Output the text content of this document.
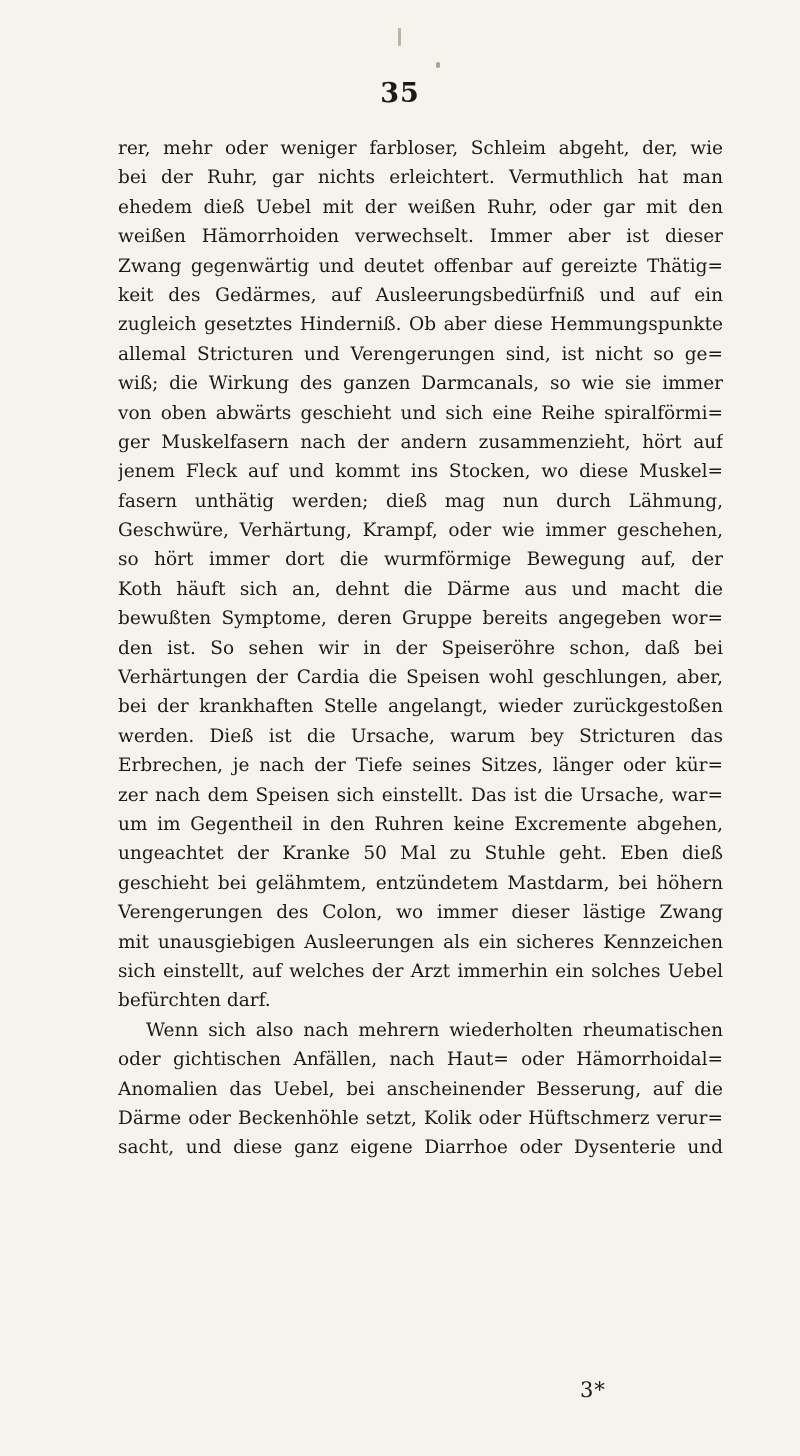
35
rer, mehr oder weniger farbloser, Schleim abgeht, der, wie
bei der Ruhr, gar nichts erleichtert. Vermuthlich hat man
ehedem dieß Uebel mit der weißen Ruhr, oder gar mit den
weißen Hämorrhoiden verwechselt. Immer aber ist dieser
Zwang gegenwärtig und deutet offenbar auf gereizte Thätig=
keit des Gedärmes, auf Ausleerungsbedürfniß und auf ein
zugleich gesetztes Hinderniß. Ob aber diese Hemmungspunkte
allemal Stricturen und Verengerungen sind, ist nicht so ge=
wiß; die Wirkung des ganzen Darmcanals, so wie sie immer
von oben abwärts geschieht und sich eine Reihe spiralförmi=
ger Muskelfasern nach der andern zusammenzieht, hört auf
jenem Fleck auf und kommt ins Stocken, wo diese Muskel=
fasern unthätig werden; dieß mag nun durch Lähmung,
Geschwüre, Verhärtung, Krampf, oder wie immer geschehen,
so hört immer dort die wurmförmige Bewegung auf, der
Koth häuft sich an, dehnt die Därme aus und macht die
bewußten Symptome, deren Gruppe bereits angegeben wor=
den ist. So sehen wir in der Speiseröhre schon, daß bei
Verhärtungen der Cardia die Speisen wohl geschlungen, aber,
bei der krankhaften Stelle angelangt, wieder zurückgestoßen
werden. Dieß ist die Ursache, warum bey Stricturen das
Erbrechen, je nach der Tiefe seines Sitzes, länger oder kür=
zer nach dem Speisen sich einstellt. Das ist die Ursache, war=
um im Gegentheil in den Ruhren keine Excremente abgehen,
ungeachtet der Kranke 50 Mal zu Stuhle geht. Eben dieß
geschieht bei gelähmtem, entzündetem Mastdarm, bei höhern
Verengerungen des Colon, wo immer dieser lästige Zwang
mit unausgiebigen Ausleerungen als ein sicheres Kennzeichen
sich einstellt, auf welches der Arzt immerhin ein solches Uebel
befürchten darf.
Wenn sich also nach mehrern wiederholten rheumatischen
oder gichtischen Anfällen, nach Haut= oder Hämorrhoidal=
Anomalien das Uebel, bei anscheinender Besserung, auf die
Därme oder Beckenhöhle setzt, Kolik oder Hüftschmerz verur=
sacht, und diese ganz eigene Diarrhoe oder Dysenterie und
3*
